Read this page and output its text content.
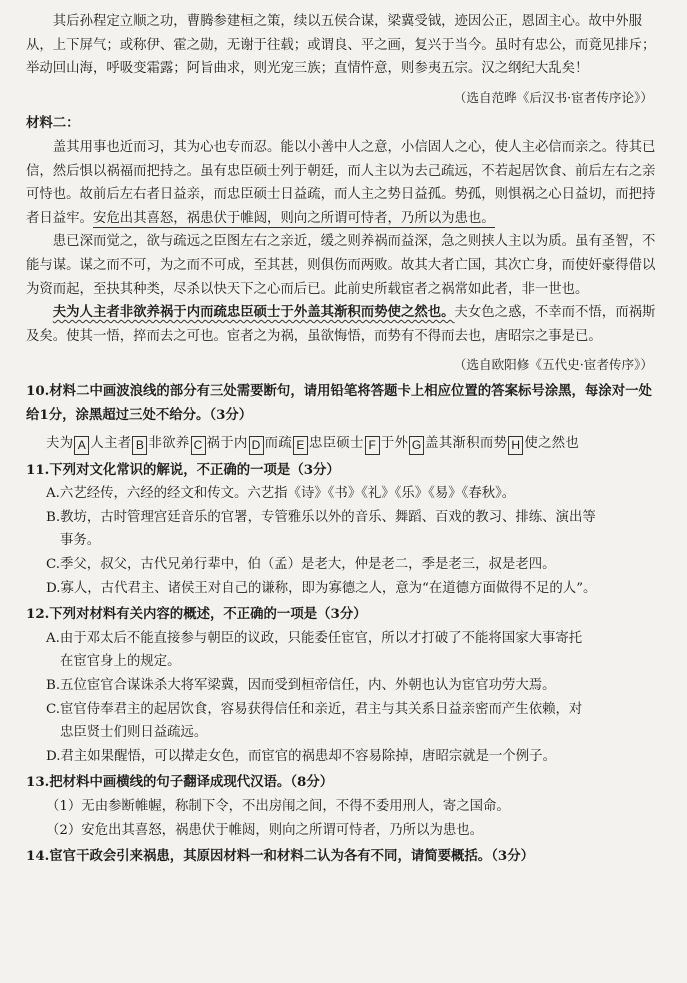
其后孙程定立顺之功，曹腾参建桓之策，续以五侯合谋，梁冀受钺，迹因公正，恩固主心。故中外服从，上下屏气；或称伊、霍之勋，无谢于往载；或谓良、平之画，复兴于当今。虽时有忠公，而竟见排斥；举动回山海，呼吸变霜露；阿旨曲求，则光宠三族；直情忤意，则参夷五宗。汉之纲纪大乱矣！

（选自范晔《后汉书·宦者传序论》）

材料二：

盖其用事也近而习，其为心也专而忍。能以小善中人之意，小信固人之心，使人主必信而亲之。待其已信，然后惧以祸福而把持之。虽有忠臣硕士列于朝廷，而人主以为去己疏远，不若起居饮食、前后左右之亲可恃也。故前后左右者日益亲，而忠臣硕士日益疏，而人主之势日益孤。势孤，则惧祸之心日益切，而把持者日益牢。安危出其喜怒，祸患伏于帷闼，则向之所谓可恃者，乃所以为患也。

患已深而觉之，欲与疏远之臣图左右之亲近，缓之则养祸而益深，急之则挟人主以为质。虽有圣智，不能与谋。谋之而不可，为之而不可成，至其甚，则俱伤而两败。故其大者亡国，其次亡身，而使奸豪得借以为资而起，至抉其种类，尽杀以快天下之心而后已。此前史所载宦者之祸常如此者，非一世也。

夫为人主者非欲养祸于内而疏忠臣硕士于外盖其渐积而势使之然也。夫女色之惑，不幸而不悟，而祸斯及矣。使其一悟，捽而去之可也。宦者之为祸，虽欲悔悟，而势有不得而去也，唐昭宗之事是已。

（选自欧阳修《五代史·宦者传序》）

10.材料二中画波浪线的部分有三处需要断句，请用铅笔将答题卡上相应位置的答案标号涂黑，每涂对一处给1分，涂黑超过三处不给分。（3分）

夫为 A 人主者 B 非欲养 C 祸于内 D 而疏 E 忠臣硕士 F 于外 G 盖其渐积而势 H 使之然也

11.下列对文化常识的解说，不正确的一项是（3分）

A.六艺经传，六经的经文和传文。六艺指《诗》《书》《礼》《乐》《易》《春秋》。

B.教坊，古时管理宫廷音乐的官署，专管雅乐以外的音乐、舞蹈、百戏的教习、排练、演出等

事务。

C.季父，叔父，古代兄弟行辈中，伯（孟）是老大，仲是老二，季是老三，叔是老四。

D.寡人，古代君主、诸侯王对自己的谦称，即为寡德之人，意为“在道德方面做得不足的人”。

12.下列对材料有关内容的概述，不正确的一项是（3分）

A.由于邓太后不能直接参与朝臣的议政，只能委任宦官，所以才打破了不能将国家大事寄托

在宦官身上的规定。

B.五位宦官合谋诛杀大将军梁冀，因而受到桓帝信任，内、外朝也认为宦官功劳大焉。

C.宦官侍奉君主的起居饮食，容易获得信任和亲近，君主与其关系日益亲密而产生依赖，对

忠臣贤士们则日益疏远。

D.君主如果醒悟，可以撵走女色，而宦官的祸患却不容易除掉，唐昭宗就是一个例子。

13.把材料中画横线的句子翻译成现代汉语。（8分）

（1）无由参断帷幄，称制下令，不出房闱之间，不得不委用刑人，寄之国命。

（2）安危出其喜怒，祸患伏于帷闼，则向之所谓可恃者，乃所以为患也。

14.宦官干政会引来祸患，其原因材料一和材料二认为各有不同，请简要概括。（3分）
